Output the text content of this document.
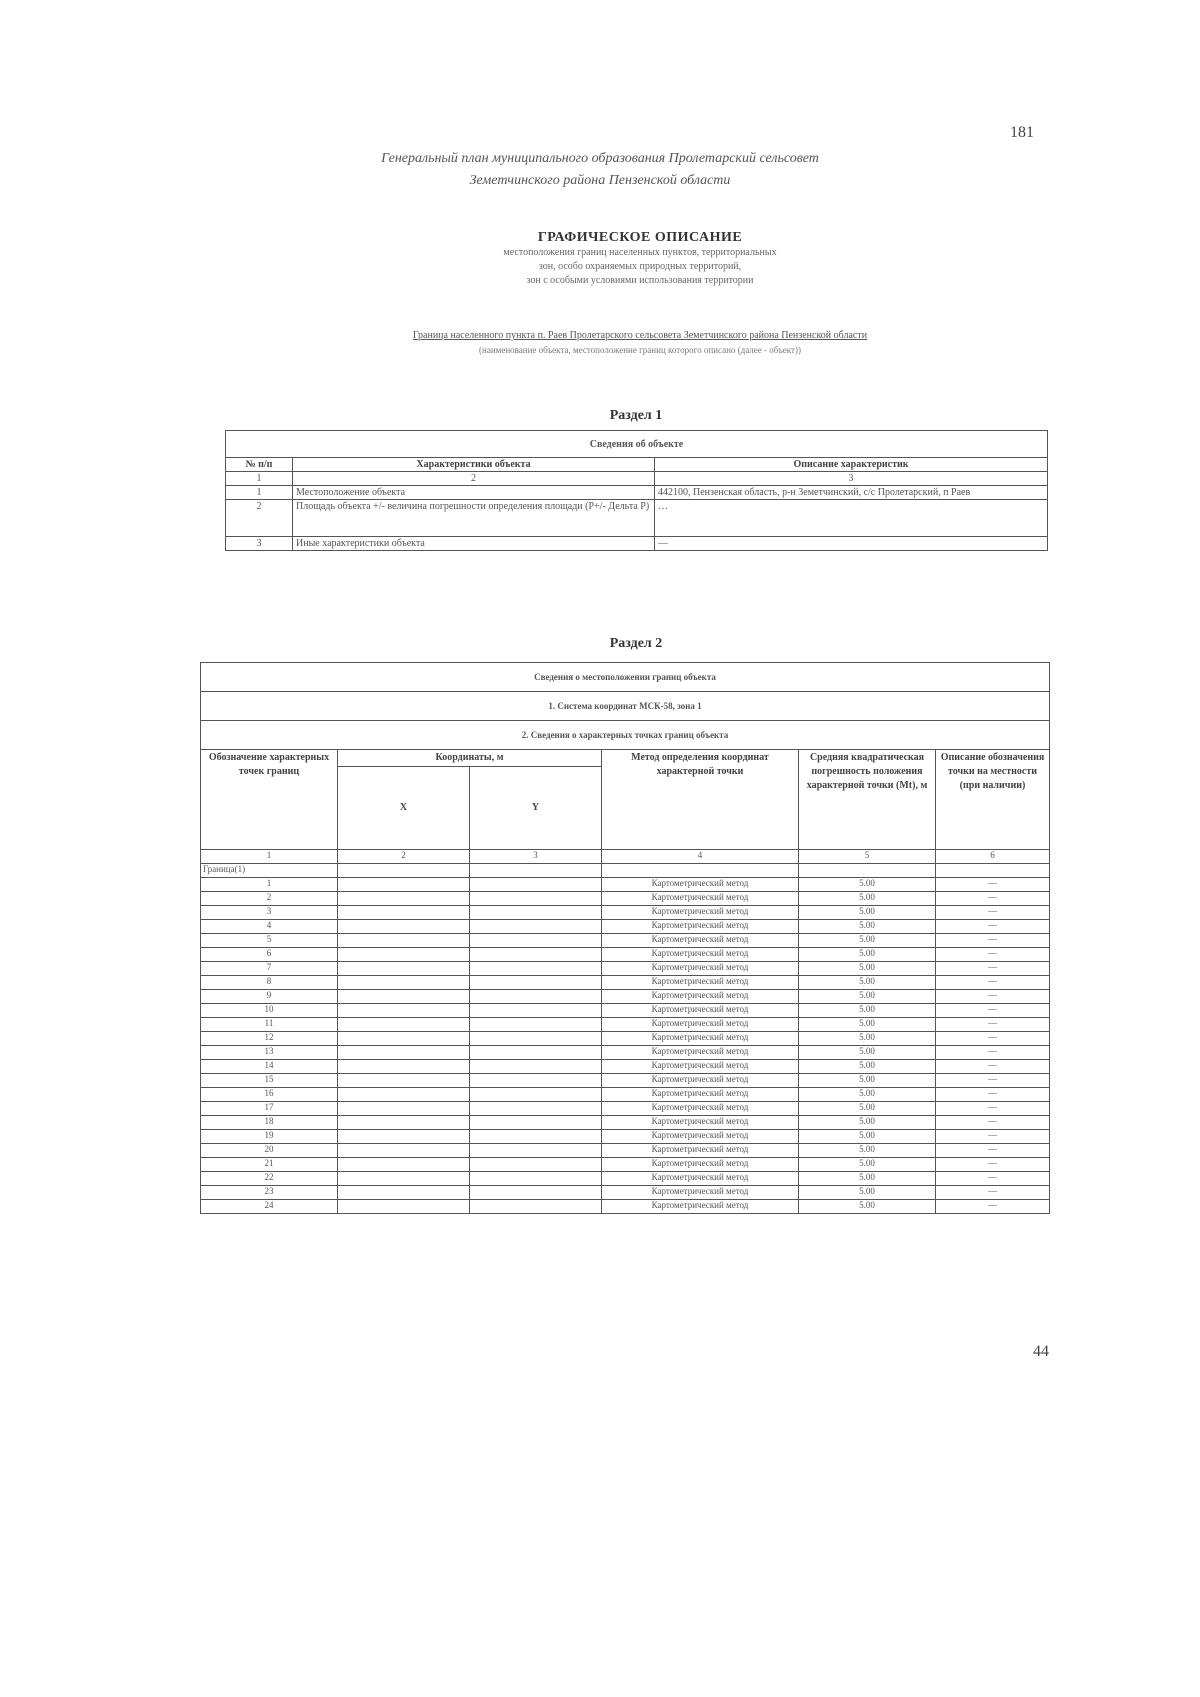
181
Генеральный план муниципального образования Пролетарский сельсовет
Земетчинского района Пензенской области
ГРАФИЧЕСКОЕ ОПИСАНИЕ
местоположения границ населенных пунктов, территориальных
зон, особо охраняемых природных территорий,
зон с особыми условиями использования территории
Граница населенного пункта п. Раев Пролетарского сельсовета Земетчинского района Пензенской области
(наименование объекта, местоположение границ которого описано (далее - объект))
Раздел 1
Сведения об объекте		
№ п/п	Характеристики объекта	Описание характеристик
1	2	3
1	Местоположение объекта	442100, Пензенская область, р-н Земетчинский, с/с Пролетарский, п Раев
2	Площадь объекта +/- величина погрешности определения площади (Р+/- Дельта Р)	…
3	Иные характеристики объекта	—
Раздел 2
Сведения о местоположении границ объекта					
1. Система координат МСК-58, зона 1					
2. Сведения о характерных точках границ объекта					
Обозначение характерных точек границ	Координаты, м		Метод определения координат характерной точки	Средняя квадратическая погрешность положения характерной точки (Mt), м	Описание обозначения точки на местности (при наличии)
	X	Y			
1	2	3	4	5	6
Граница(1)					
1			Картометрический метод	5.00	—
2			Картометрический метод	5.00	—
3			Картометрический метод	5.00	—
4			Картометрический метод	5.00	—
5			Картометрический метод	5.00	—
6			Картометрический метод	5.00	—
7			Картометрический метод	5.00	—
8			Картометрический метод	5.00	—
9			Картометрический метод	5.00	—
10			Картометрический метод	5.00	—
11			Картометрический метод	5.00	—
12			Картометрический метод	5.00	—
13			Картометрический метод	5.00	—
14			Картометрический метод	5.00	—
15			Картометрический метод	5.00	—
16			Картометрический метод	5.00	—
17			Картометрический метод	5.00	—
18			Картометрический метод	5.00	—
19			Картометрический метод	5.00	—
20			Картометрический метод	5.00	—
21			Картометрический метод	5.00	—
22			Картометрический метод	5.00	—
23			Картометрический метод	5.00	—
24			Картометрический метод	5.00	—
44
